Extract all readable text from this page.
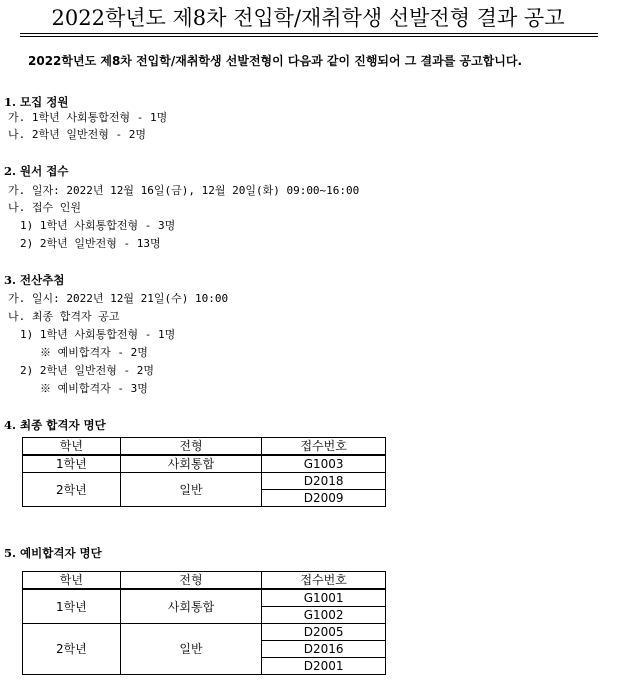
2022학년도 제8차 전입학/재취학생 선발전형 결과 공고
2022학년도 제8차 전입학/재취학생 선발전형이 다음과 같이 진행되어 그 결과를 공고합니다.
1. 모집 정원
가. 1학년 사회통합전형 - 1명
나. 2학년 일반전형 - 2명
2. 원서 접수
가. 일자: 2022년 12월 16일(금), 12월 20일(화) 09:00~16:00
나. 접수 인원
1) 1학년 사회통합전형 - 3명
2) 2학년 일반전형 - 13명
3. 전산추첨
가. 일시: 2022년 12월 21일(수) 10:00
나. 최종 합격자 공고
1) 1학년 사회통합전형 - 1명
※ 예비합격자 - 2명
2) 2학년 일반전형 - 2명
※ 예비합격자 - 3명
4. 최종 합격자 명단
학년	전형	접수번호
1학년	사회통합	G1003
2학년	일반	D2018
		D2009
5. 예비합격자 명단
학년	전형	접수번호
1학년	사회통합	G1001
		G1002
2학년	일반	D2005
		D2016
		D2001
